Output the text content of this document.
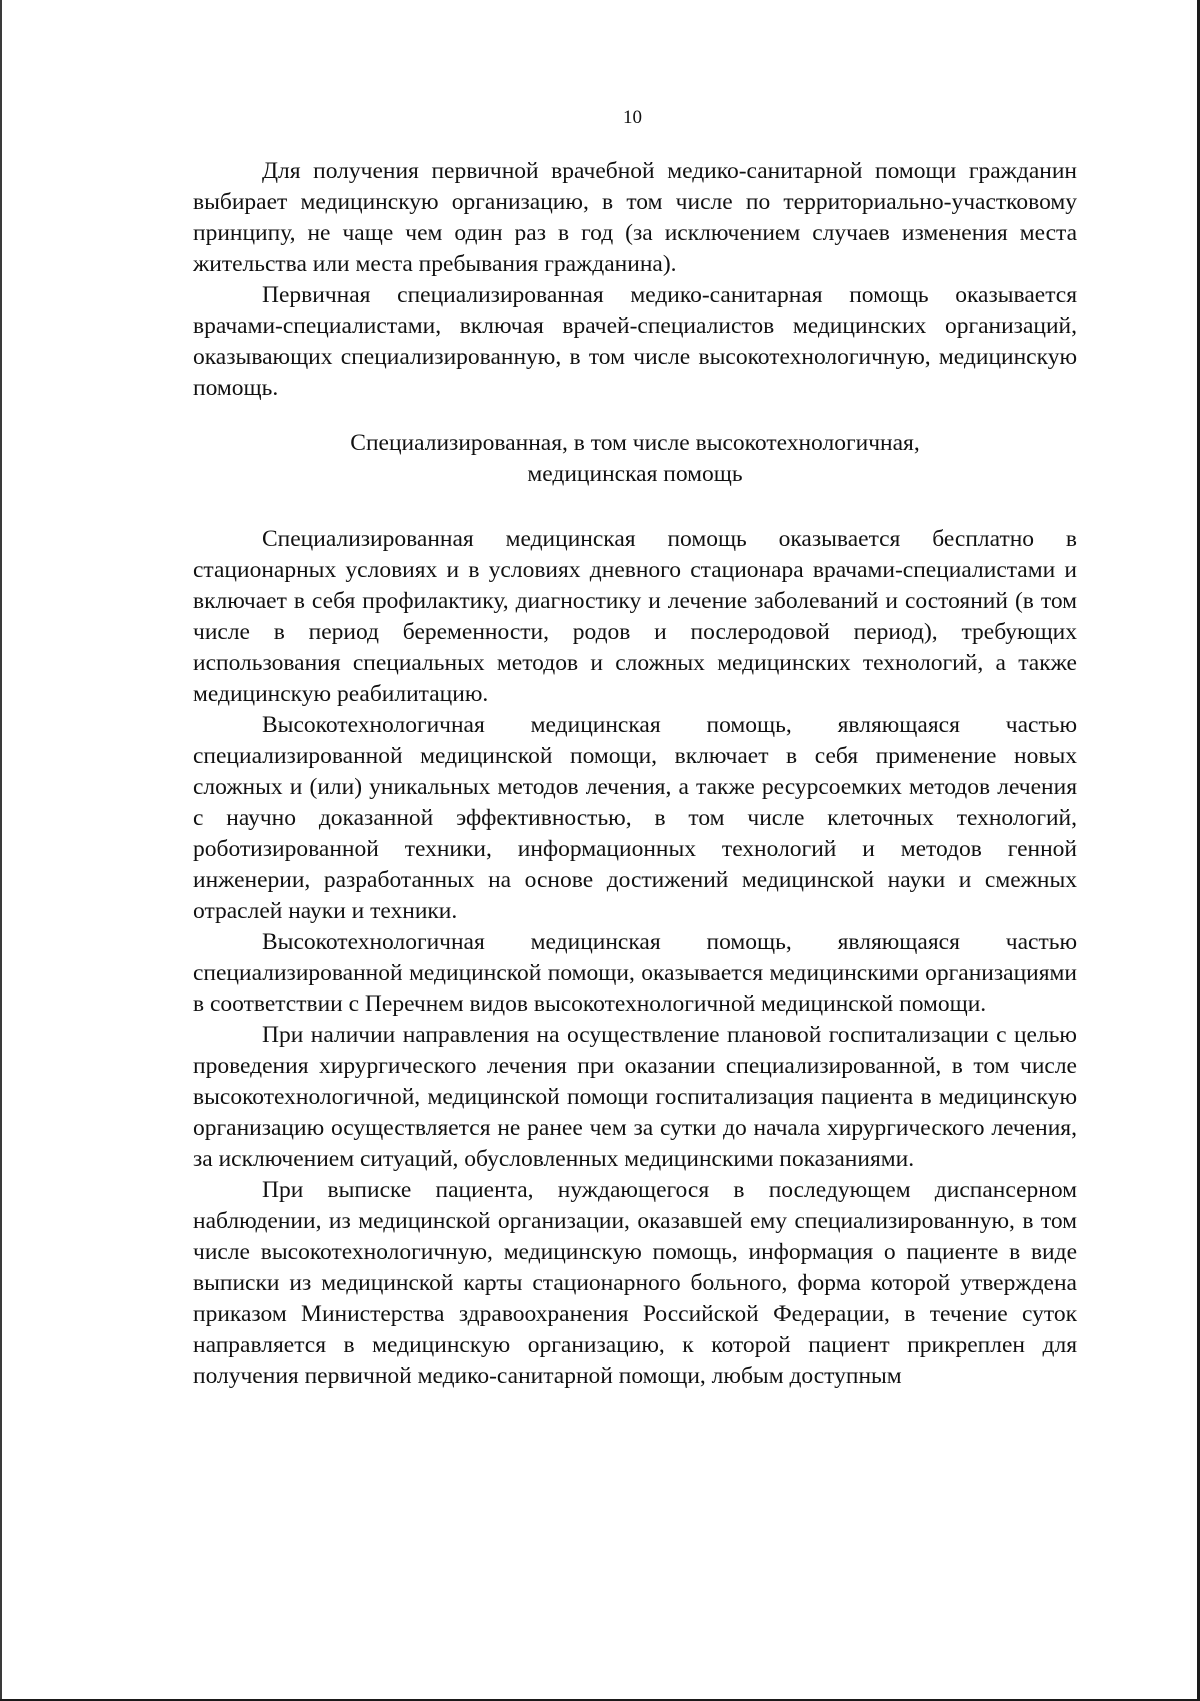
10

Для получения первичной врачебной медико-санитарной помощи гражданин выбирает медицинскую организацию, в том числе по территориально-участковому принципу, не чаще чем один раз в год (за исключением случаев изменения места жительства или места пребывания гражданина).

Первичная специализированная медико-санитарная помощь оказывается врачами-специалистами, включая врачей-специалистов медицинских организаций, оказывающих специализированную, в том числе высокотехнологичную, медицинскую помощь.

Специализированная, в том числе высокотехнологичная,
медицинская помощь

Специализированная медицинская помощь оказывается бесплатно в стационарных условиях и в условиях дневного стационара врачами-специалистами и включает в себя профилактику, диагностику и лечение заболеваний и состояний (в том числе в период беременности, родов и послеродовой период), требующих использования специальных методов и сложных медицинских технологий, а также медицинскую реабилитацию.

Высокотехнологичная медицинская помощь, являющаяся частью специализированной медицинской помощи, включает в себя применение новых сложных и (или) уникальных методов лечения, а также ресурсоемких методов лечения с научно доказанной эффективностью, в том числе клеточных технологий, роботизированной техники, информационных технологий и методов генной инженерии, разработанных на основе достижений медицинской науки и смежных отраслей науки и техники.

Высокотехнологичная медицинская помощь, являющаяся частью специализированной медицинской помощи, оказывается медицинскими организациями в соответствии с Перечнем видов высокотехнологичной медицинской помощи.

При наличии направления на осуществление плановой госпитализации с целью проведения хирургического лечения при оказании специализированной, в том числе высокотехнологичной, медицинской помощи госпитализация пациента в медицинскую организацию осуществляется не ранее чем за сутки до начала хирургического лечения, за исключением ситуаций, обусловленных медицинскими показаниями.

При выписке пациента, нуждающегося в последующем диспансерном наблюдении, из медицинской организации, оказавшей ему специализированную, в том числе высокотехнологичную, медицинскую помощь, информация о пациенте в виде выписки из медицинской карты стационарного больного, форма которой утверждена приказом Министерства здравоохранения Российской Федерации, в течение суток направляется в медицинскую организацию, к которой пациент прикреплен для получения первичной медико-санитарной помощи, любым доступным
